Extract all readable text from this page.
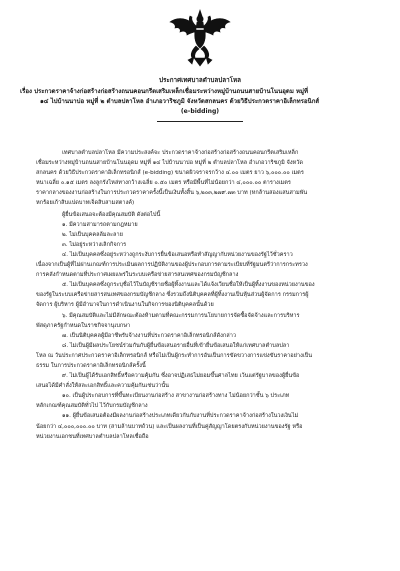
ประกาศเทศบาลตำบลปลาโหล
เรื่อง ประกวดราคาจ้างก่อสร้างก่อสร้างถนนคอนกรีตเสริมเหล็กเชื่อมระหว่างหมู่บ้านถนนสายบ้านโนนอุดม หมู่ที่
๑๔ ไปบ้านนาบ่อ หมู่ที่ ๒ ตำบลปลาโหล อำเภอวาริชภูมิ จังหวัดสกลนคร ด้วยวิธีประกวดราคาอิเล็กทรอนิกส์
(e-bidding)

เทศบาลตำบลปลาโหล มีความประสงค์จะ ประกวดราคาจ้างก่อสร้างก่อสร้างถนนคอนกรีตเสริมเหล็ก

เชื่อมระหว่างหมู่บ้านถนนสายบ้านโนนอุดม หมู่ที่ ๑๔ ไปบ้านนาบ่อ หมู่ที่ ๒ ตำบลปลาโหล อำเภอวาริชภูมิ จังหวัด

สกลนคร ด้วยวิธีประกวดราคาอิเล็กทรอนิกส์ (e-bidding) ขนาดผิวจราจรกว้าง ๔.๐๐ เมตร ยาว ๖,๐๐๐.๐๐ เมตร

หนาเฉลี่ย ๐.๑๕ เมตร ลงลูกรังไหล่ทางกว้างเฉลี่ย ๐.๕๐ เมตร หรือมีพื้นที่ไม่น้อยกว่า ๔,๐๐๐.๐๐ ตารางเมตร

ราคากลางของงานก่อสร้างในการประกวดราคาครั้งนี้เป็นเงินทั้งสิ้น ๖,๒๐๓,๒๗๙.๗๓ บาท (หกล้านสองแสนสามพัน

หกร้อยเก้าสิบแปดบาทเจ็ดสิบสามสตางค์)

ผู้ยื่นข้อเสนอจะต้องมีคุณสมบัติ ดังต่อไปนี้

๑. มีความสามารถตามกฎหมาย

๒. ไม่เป็นบุคคลล้มละลาย

๓. ไม่อยู่ระหว่างเลิกกิจการ

๔. ไม่เป็นบุคคลซึ่งอยู่ระหว่างถูกระงับการยื่นข้อเสนอหรือทำสัญญากับหน่วยงานของรัฐไว้ชั่วคราว

เนื่องจากเป็นผู้ที่ไม่ผ่านเกณฑ์การประเมินผลการปฏิบัติงานของผู้ประกอบการตามระเบียบที่รัฐมนตรีว่าการกระทรวง

การคลังกำหนดตามที่ประกาศเผยแพร่ในระบบเครือข่ายสารสนเทศของกรมบัญชีกลาง

๕. ไม่เป็นบุคคลซึ่งถูกระบุชื่อไว้ในบัญชีรายชื่อผู้ทิ้งงานและได้แจ้งเวียนชื่อให้เป็นผู้ทิ้งงานของหน่วยงานของ

ของรัฐในระบบเครือข่ายสารสนเทศของกรมบัญชีกลาง ซึ่งรวมถึงนิติบุคคลที่ผู้ทิ้งงานเป็นหุ้นส่วนผู้จัดการ กรรมการผู้

จัดการ ผู้บริหาร ผู้มีอำนาจในการดำเนินงานในกิจการของนิติบุคคลนั้นด้วย

๖. มีคุณสมบัติและไม่มีลักษณะต้องห้ามตามที่คณะกรรมการนโยบายการจัดซื้อจัดจ้างและการบริหาร

พัสดุภาครัฐกำหนดในราชกิจจานุเบกษา

๗. เป็นนิติบุคคลผู้มีอาชีพรับจ้างงานที่ประกวดราคาอิเล็กทรอนิกส์ดังกล่าว

๘. ไม่เป็นผู้มีผลประโยชน์ร่วมกันกับผู้ยื่นข้อเสนอรายอื่นที่เข้ายื่นข้อเสนอให้แก่เทศบาลตำบลปลา

โหล ณ วันประกาศประกวดราคาอิเล็กทรอนิกส์ หรือไม่เป็นผู้กระทำการอันเป็นการขัดขวางการแข่งขันราคาอย่างเป็น

ธรรม ในการประกวดราคาอิเล็กทรอนิกส์ครั้งนี้

๙. ไม่เป็นผู้ได้รับเอกสิทธิ์หรือความคุ้มกัน ซึ่งอาจปฏิเสธไม่ยอมขึ้นศาลไทย เว้นแต่รัฐบาลของผู้ยื่นข้อ

เสนอได้มีคำสั่งให้สละเอกสิทธิ์และความคุ้มกันเช่นว่านั้น

๑๐. เป็นผู้ประกอบการที่ขึ้นทะเบียนงานก่อสร้าง สาขางานก่อสร้างทาง ไม่น้อยกว่าชั้น ๖ ประเภท

หลักเกณฑ์คุณสมบัติทั่วไป ไว้กับกรมบัญชีกลาง

๑๑. ผู้ยื่นข้อเสนอต้องมีผลงานก่อสร้างประเภทเดียวกันกับงานที่ประกวดราคาจ้างก่อสร้างในวงเงินไม่

น้อยกว่า ๔,๐๐๐,๐๐๐.๐๐ บาท (สามล้านบาทถ้วน) และเป็นผลงานที่เป็นคู่สัญญาโดยตรงกับหน่วยงานของรัฐ หรือ

หน่วยงานเอกชนที่เทศบาลตำบลปลาโหลเชื่อถือ
